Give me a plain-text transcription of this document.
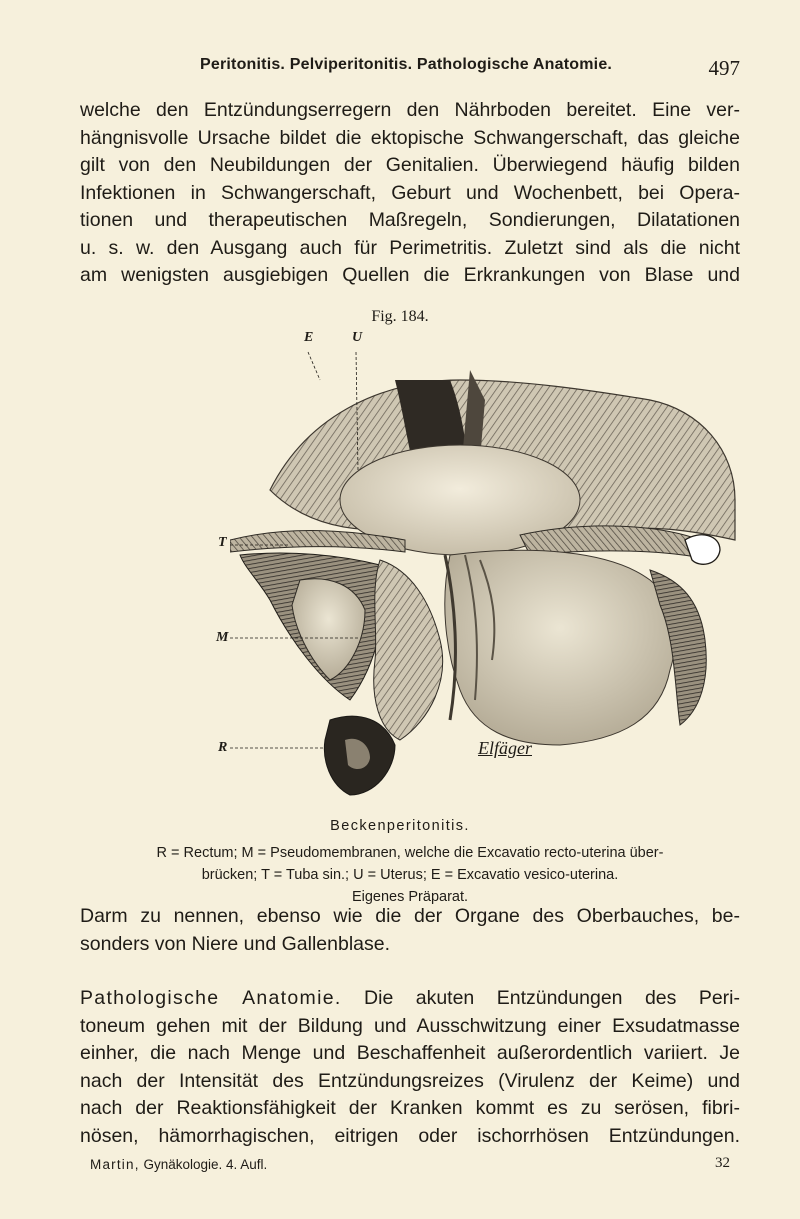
Peritonitis. Pelviperitonitis. Pathologische Anatomie.	497
welche den Entzündungserregern den Nährboden bereitet. Eine ver-
hängnisvolle Ursache bildet die ektopische Schwangerschaft, das gleiche
gilt von den Neubildungen der Genitalien. Überwiegend häufig bilden
Infektionen in Schwangerschaft, Geburt und Wochenbett, bei Opera-
tionen und therapeutischen Maßregeln, Sondierungen, Dilatationen
u. s. w. den Ausgang auch für Perimetritis. Zuletzt sind als die nicht
am wenigsten ausgiebigen Quellen die Erkrankungen von Blase und
Fig. 184.
E	U
T
M
R	Elfäger
Beckenperitonitis.
R = Rectum; M = Pseudomembranen, welche die Excavatio recto-uterina über-
brücken; T = Tuba sin.; U = Uterus; E = Excavatio vesico-uterina.
Eigenes Präparat.
Darm zu nennen, ebenso wie die der Organe des Oberbauches, be-
sonders von Niere und Gallenblase.
Pathologische Anatomie. Die akuten Entzündungen des Peri-
toneum gehen mit der Bildung und Ausschwitzung einer Exsudatmasse
einher, die nach Menge und Beschaffenheit außerordentlich variiert. Je
nach der Intensität des Entzündungsreizes (Virulenz der Keime) und
nach der Reaktionsfähigkeit der Kranken kommt es zu serösen, fibri-
nösen, hämorrhagischen, eitrigen oder ischorrhösen Entzündungen.
Martin, Gynäkologie. 4. Aufl.	32
